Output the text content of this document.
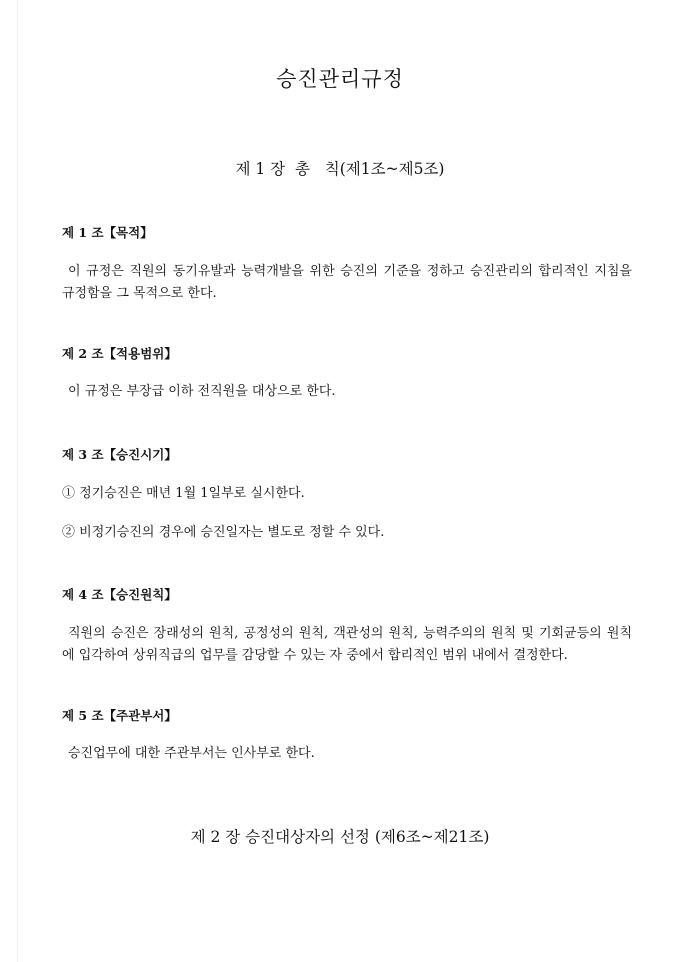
승진관리규정
제 1 장  총   칙(제1조~제5조)
제 1 조【목적】
이 규정은 직원의 동기유발과 능력개발을 위한 승진의 기준을 정하고 승진관리의 합리적인 지침을 규정함을 그 목적으로 한다.
제 2 조【적용범위】
이 규정은 부장급 이하 전직원을 대상으로 한다.
제 3 조【승진시기】
① 정기승진은 매년 1월 1일부로 실시한다.
② 비정기승진의 경우에 승진일자는 별도로 정할 수 있다.
제 4 조【승진원칙】
직원의 승진은 장래성의 원칙, 공정성의 원칙, 객관성의 원칙, 능력주의의 원칙 및 기회균등의 원칙에 입각하여 상위직급의 업무를 감당할 수 있는 자 중에서 합리적인 범위 내에서 결정한다.
제 5 조【주관부서】
승진업무에 대한 주관부서는 인사부로 한다.
제 2 장 승진대상자의 선정 (제6조~제21조)
